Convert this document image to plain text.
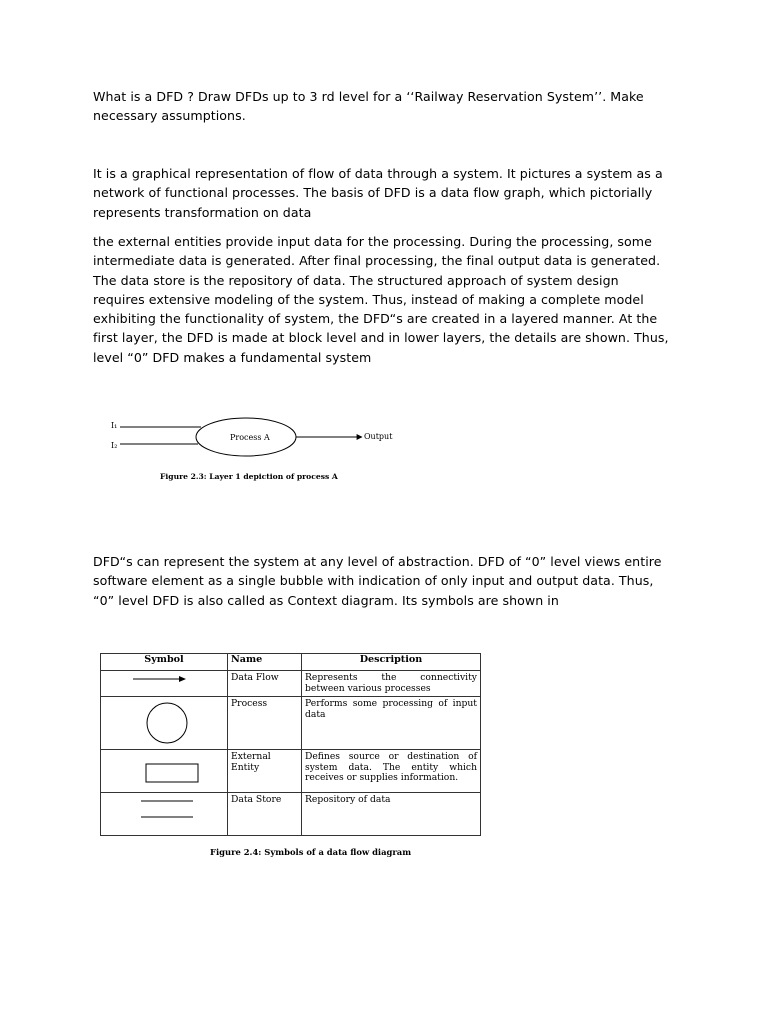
What is a DFD ? Draw DFDs up to 3 rd level for a ‘‘Railway Reservation System’’. Make necessary assumptions.

It is a graphical representation of flow of data through a system. It pictures a system as a network of functional processes. The basis of DFD is a data flow graph, which pictorially represents transformation on data

the external entities provide input data for the processing. During the processing, some intermediate data is generated. After final processing, the final output data is generated. The data store is the repository of data. The structured approach of system design requires extensive modeling of the system. Thus, instead of making a complete model exhibiting the functionality of system, the DFD“s are created in a layered manner. At the first layer, the DFD is made at block level and in lower layers, the details are shown. Thus, level “0” DFD makes a fundamental system

I₁
I₂
Process A	Output
Figure 2.3: Layer 1 depiction of process A

DFD“s can represent the system at any level of abstraction. DFD of “0” level views entire software element as a single bubble with indication of only input and output data. Thus, “0” level DFD is also called as Context diagram. Its symbols are shown in

Symbol	Name	Description

	Data Flow	Represents the connectivity between various processes

	Process	Performs some processing of input data

	External Entity	Defines source or destination of system data. The entity which receives or supplies information.

	Data Store	Repository of data
Figure 2.4: Symbols of a data flow diagram
